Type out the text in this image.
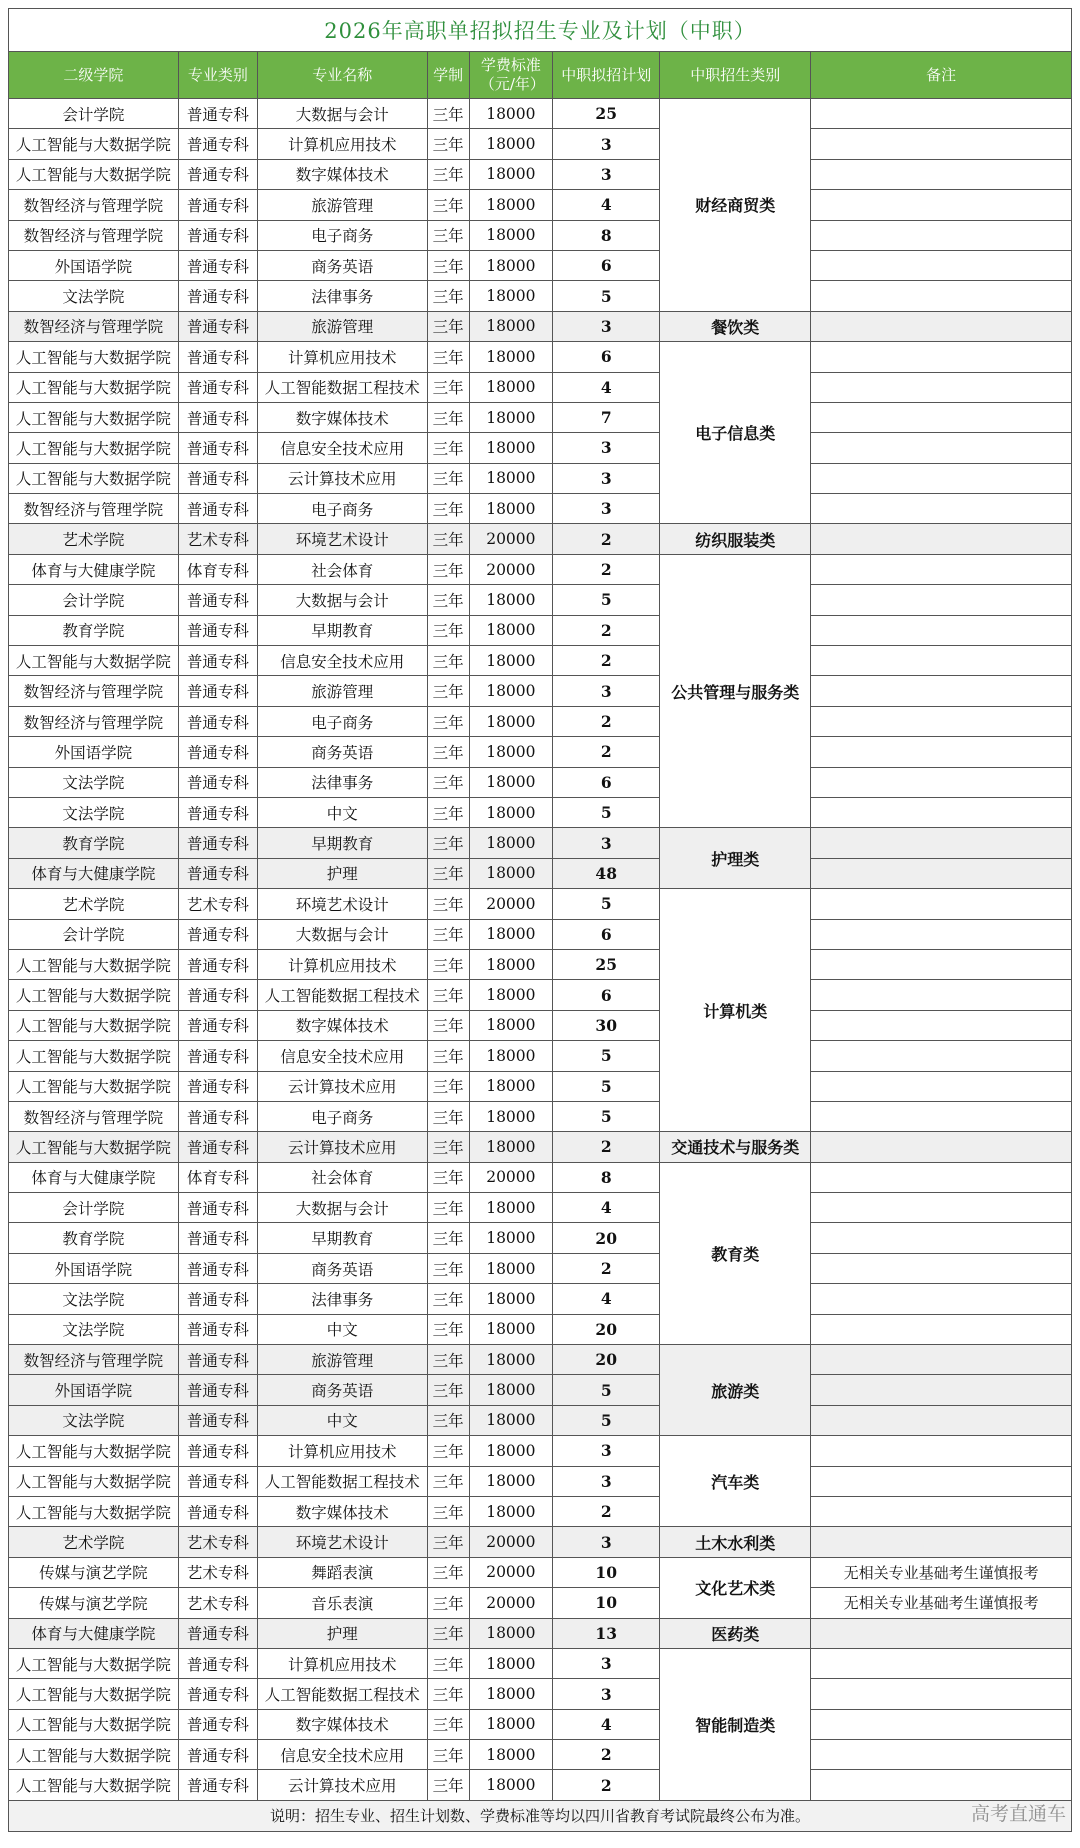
2026年高职单招拟招生专业及计划（中职）							
二级学院	专业类别	专业名称	学制	学费标准（元/年）	中职拟招计划	中职招生类别	备注
会计学院	普通专科	大数据与会计	三年	18000	25	财经商贸类	
人工智能与大数据学院	普通专科	计算机应用技术	三年	18000	3		
人工智能与大数据学院	普通专科	数字媒体技术	三年	18000	3		
数智经济与管理学院	普通专科	旅游管理	三年	18000	4		
数智经济与管理学院	普通专科	电子商务	三年	18000	8		
外国语学院	普通专科	商务英语	三年	18000	6		
文法学院	普通专科	法律事务	三年	18000	5		
数智经济与管理学院	普通专科	旅游管理	三年	18000	3	餐饮类	
人工智能与大数据学院	普通专科	计算机应用技术	三年	18000	6	电子信息类	
人工智能与大数据学院	普通专科	人工智能数据工程技术	三年	18000	4		
人工智能与大数据学院	普通专科	数字媒体技术	三年	18000	7		
人工智能与大数据学院	普通专科	信息安全技术应用	三年	18000	3		
人工智能与大数据学院	普通专科	云计算技术应用	三年	18000	3		
数智经济与管理学院	普通专科	电子商务	三年	18000	3		
艺术学院	艺术专科	环境艺术设计	三年	20000	2	纺织服装类	
体育与大健康学院	体育专科	社会体育	三年	20000	2	公共管理与服务类	
会计学院	普通专科	大数据与会计	三年	18000	5		
教育学院	普通专科	早期教育	三年	18000	2		
人工智能与大数据学院	普通专科	信息安全技术应用	三年	18000	2		
数智经济与管理学院	普通专科	旅游管理	三年	18000	3		
数智经济与管理学院	普通专科	电子商务	三年	18000	2		
外国语学院	普通专科	商务英语	三年	18000	2		
文法学院	普通专科	法律事务	三年	18000	6		
文法学院	普通专科	中文	三年	18000	5		
教育学院	普通专科	早期教育	三年	18000	3	护理类	
体育与大健康学院	普通专科	护理	三年	18000	48		
艺术学院	艺术专科	环境艺术设计	三年	20000	5	计算机类	
会计学院	普通专科	大数据与会计	三年	18000	6		
人工智能与大数据学院	普通专科	计算机应用技术	三年	18000	25		
人工智能与大数据学院	普通专科	人工智能数据工程技术	三年	18000	6		
人工智能与大数据学院	普通专科	数字媒体技术	三年	18000	30		
人工智能与大数据学院	普通专科	信息安全技术应用	三年	18000	5		
人工智能与大数据学院	普通专科	云计算技术应用	三年	18000	5		
数智经济与管理学院	普通专科	电子商务	三年	18000	5		
人工智能与大数据学院	普通专科	云计算技术应用	三年	18000	2	交通技术与服务类	
体育与大健康学院	体育专科	社会体育	三年	20000	8	教育类	
会计学院	普通专科	大数据与会计	三年	18000	4		
教育学院	普通专科	早期教育	三年	18000	20		
外国语学院	普通专科	商务英语	三年	18000	2		
文法学院	普通专科	法律事务	三年	18000	4		
文法学院	普通专科	中文	三年	18000	20		
数智经济与管理学院	普通专科	旅游管理	三年	18000	20	旅游类	
外国语学院	普通专科	商务英语	三年	18000	5		
文法学院	普通专科	中文	三年	18000	5		
人工智能与大数据学院	普通专科	计算机应用技术	三年	18000	3	汽车类	
人工智能与大数据学院	普通专科	人工智能数据工程技术	三年	18000	3		
人工智能与大数据学院	普通专科	数字媒体技术	三年	18000	2		
艺术学院	艺术专科	环境艺术设计	三年	20000	3	土木水利类	
传媒与演艺学院	艺术专科	舞蹈表演	三年	20000	10	文化艺术类	无相关专业基础考生谨慎报考
传媒与演艺学院	艺术专科	音乐表演	三年	20000	10		无相关专业基础考生谨慎报考
体育与大健康学院	普通专科	护理	三年	18000	13	医药类	
人工智能与大数据学院	普通专科	计算机应用技术	三年	18000	3	智能制造类	
人工智能与大数据学院	普通专科	人工智能数据工程技术	三年	18000	3		
人工智能与大数据学院	普通专科	数字媒体技术	三年	18000	4		
人工智能与大数据学院	普通专科	信息安全技术应用	三年	18000	2		
人工智能与大数据学院	普通专科	云计算技术应用	三年	18000	2		
说明：招生专业、招生计划数、学费标准等均以四川省教育考试院最终公布为准。								高考直通车
